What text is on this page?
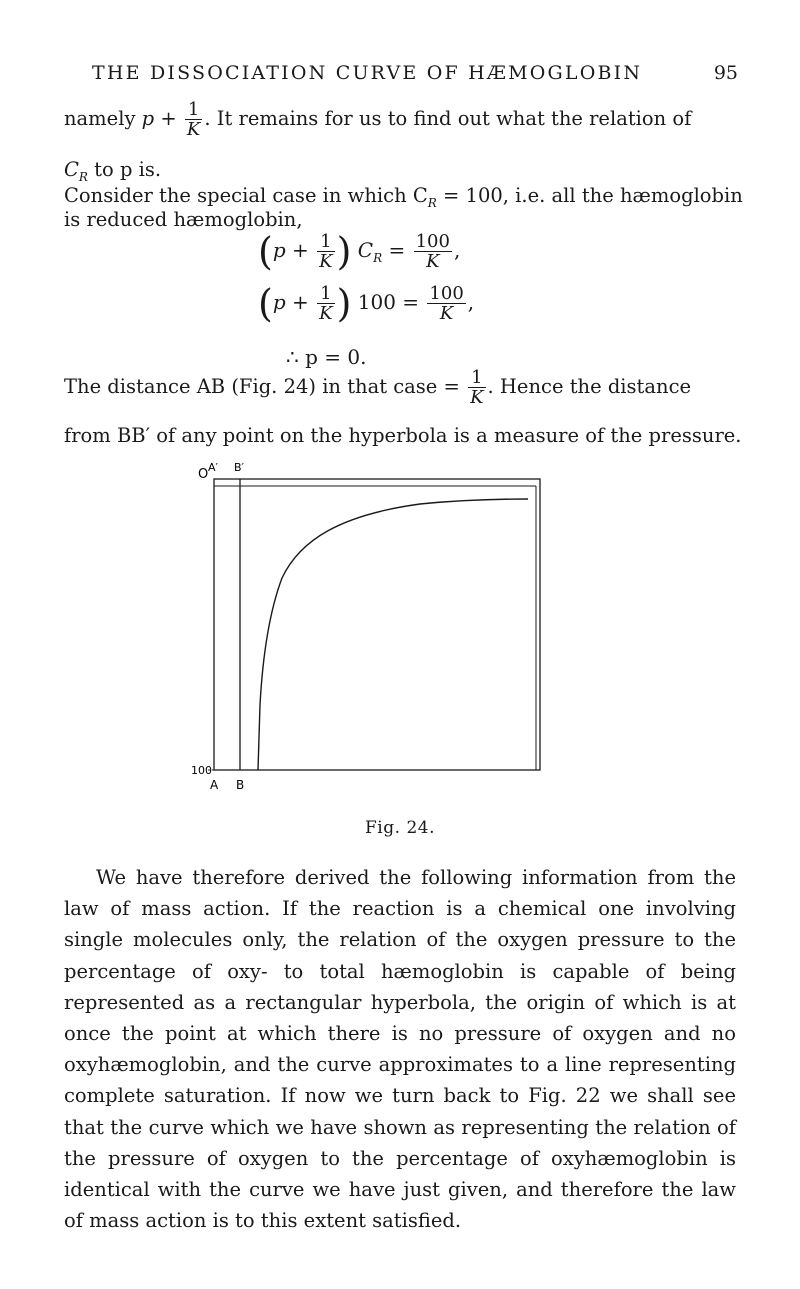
THE DISSOCIATION CURVE OF HÆMOGLOBIN	95
namely $p + \frac{1}{K}$ . It remains for us to find out what the relation of
$C_R$ to p is.
Consider the special case in which $C_R = 100$, i.e. all the hæmoglobin
is reduced hæmoglobin,
($p + \frac{1}{K}$ ) $C_R = \frac{100}{K}$ ,
($p + \frac{1}{K}$ ) $100 = \frac{100}{K}$ ,
∴ p = 0.
The distance AB (Fig. 24) in that case = $\frac{1}{K}$ . Hence the distance
from BB′ of any point on the hyperbola is a measure of the pressure.
O A′ B′
100
A B
Fig. 24.
We have therefore derived the following information from the law of mass action. If the reaction is a chemical one involving single molecules only, the relation of the oxygen pressure to the percentage of oxy- to total hæmoglobin is capable of being represented as a rectangular hyperbola, the origin of which is at once the point at which there is no pressure of oxygen and no oxyhæmoglobin, and the curve approximates to a line representing complete saturation. If now we turn back to Fig. 22 we shall see that the curve which we have shown as representing the relation of the pressure of oxygen to the percentage of oxyhæmoglobin is identical with the curve we have just given, and therefore the law of mass action is to this extent satisfied.
